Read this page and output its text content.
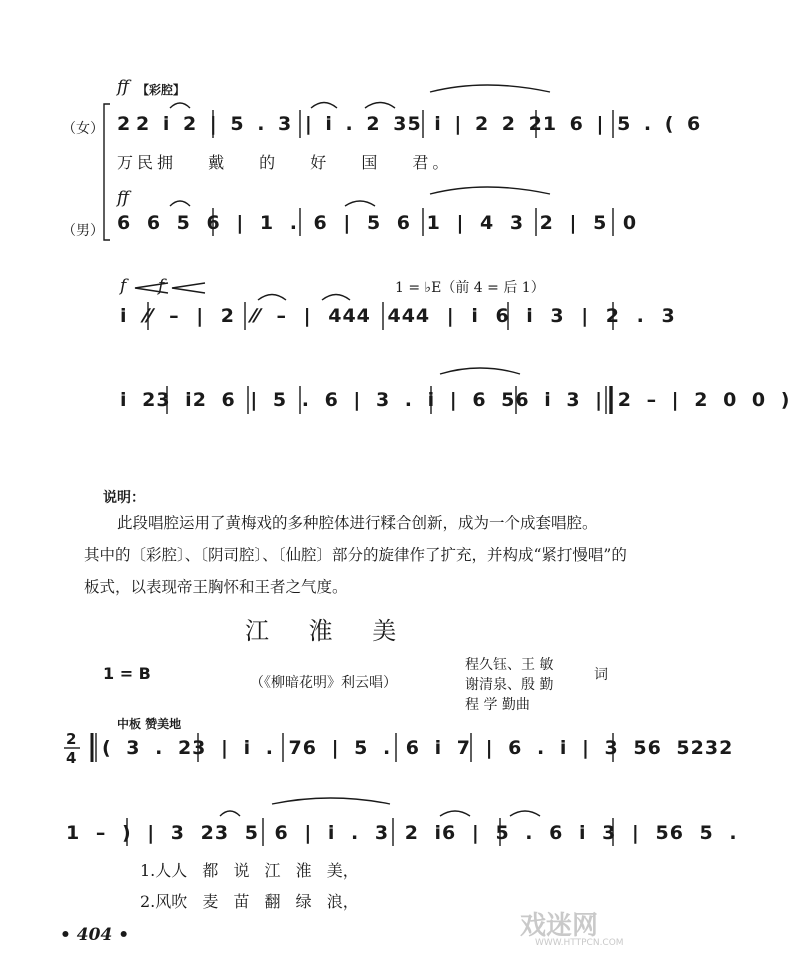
ff 【彩腔】
（女） 2 2 i 2 | 5 . 3 | i . 2 35 i | 2 2 21 6 | 5 . ( 6
万民拥 戴 的 好 国 君。
ff
（男） 6 6 5 6 | 1 . 6 | 5 6 1 | 4 3 2 | 5 0
f f	1 = ♭E（前 4 = 后 1）
i ⁄⁄ – | 2 ⁄⁄ – | 444 444 | i 6 i 3 | 2 . 3
i 23 i2 6 | 5 . 6 | 3 . i | 6 56 i 3 | 2 – | 2 0 0 )
说明：
此段唱腔运用了黄梅戏的多种腔体进行糅合创新，成为一个成套唱腔。
其中的〔彩腔〕、〔阴司腔〕、〔仙腔〕部分的旋律作了扩充，并构成“紧打慢唱”的
板式，以表现帝王胸怀和王者之气度。
江 淮 美
1 = B	（《柳暗花明》利云唱）
程久钰、王 敏
谢清泉、殷 勤
词
程 学 勤曲
中板 赞美地
2
4 ( 3 . 23 | i . 76 | 5 . 6 i 7 | 6 . i | 3 56 5232
1 – ) | 3 23 5 6 | i . 3 2 i6 | 5 . 6 i 3 | 56 5 .
1.人人 都 说 江 淮 美，
2.风吹 麦 苗 翻 绿 浪，
• 404 •	戏迷网
WWW.HTTPCN.COM
